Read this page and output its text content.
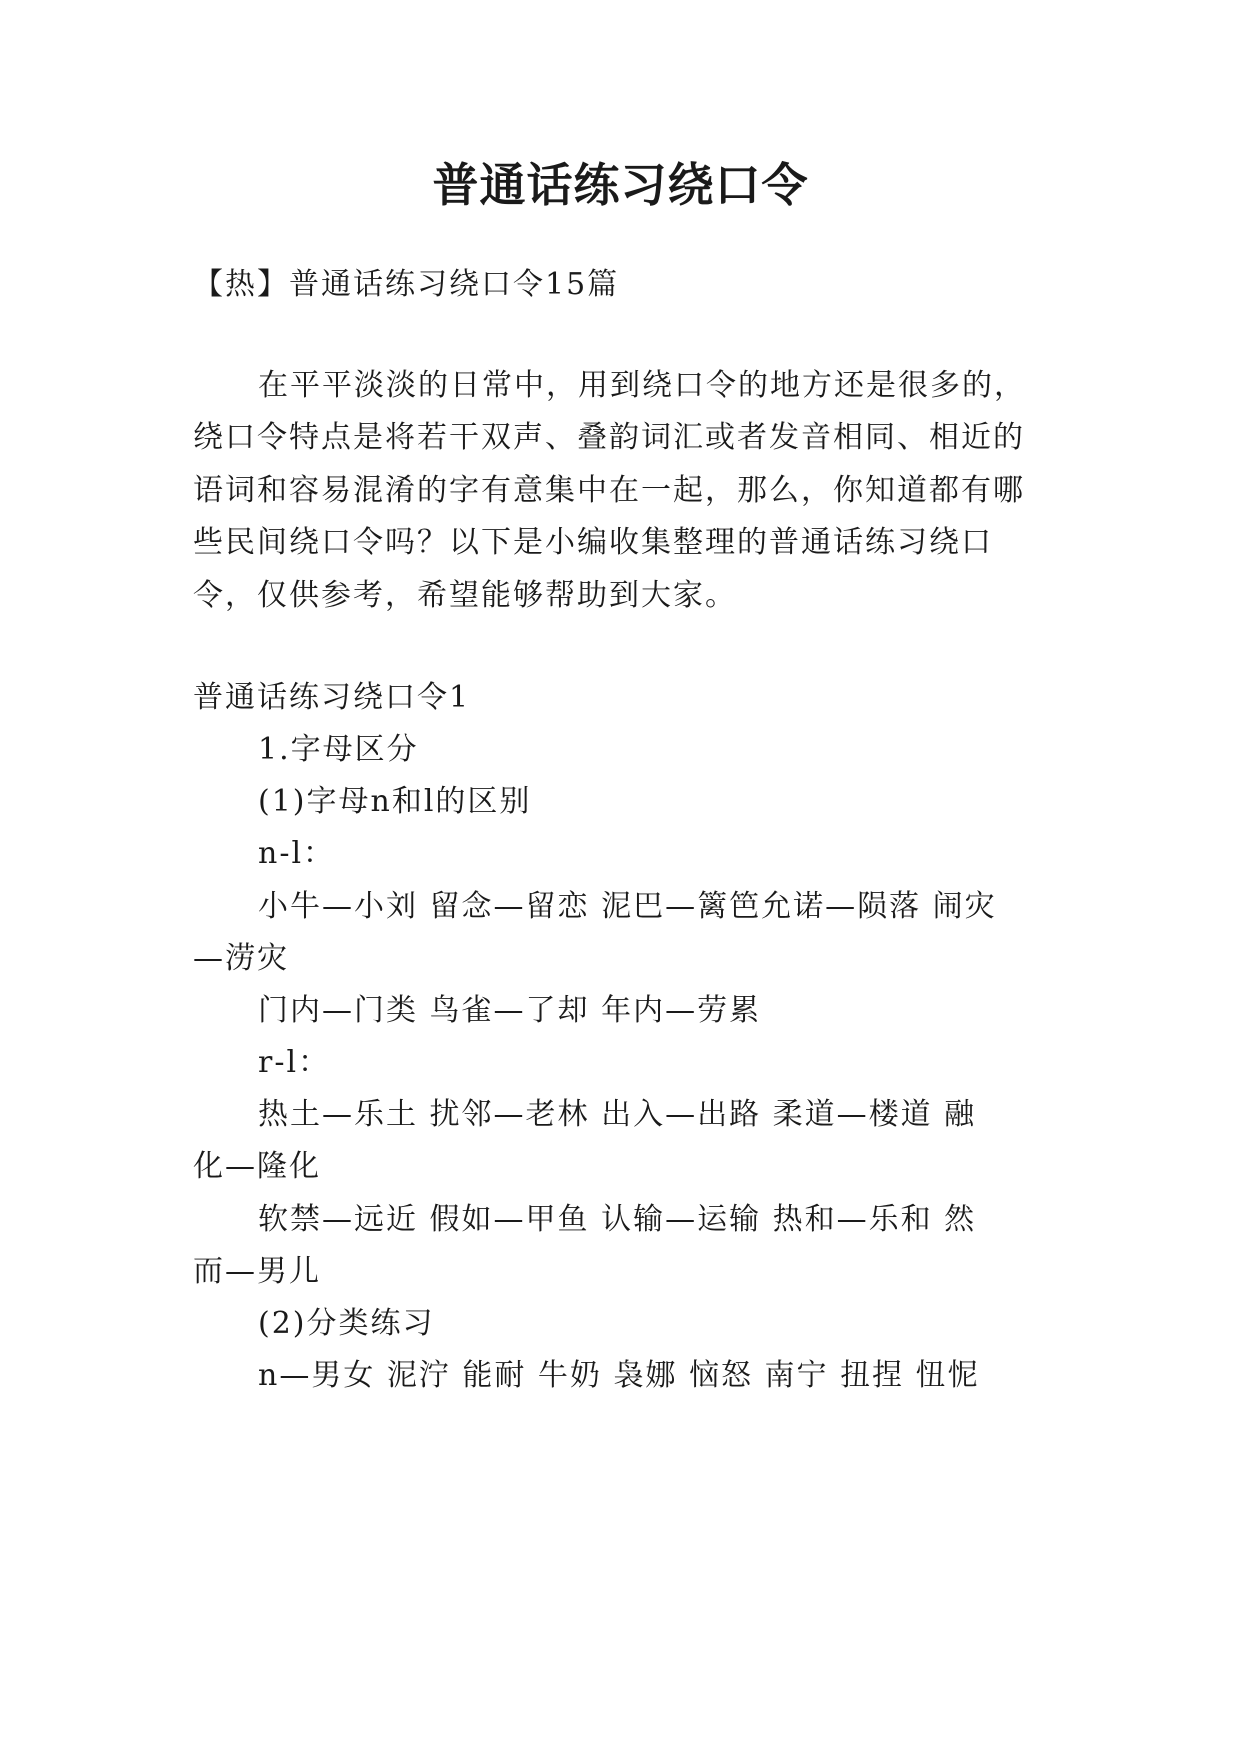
普通话练习绕口令
【热】普通话练习绕口令15篇
在平平淡淡的日常中，用到绕口令的地方还是很多的，
绕口令特点是将若干双声、叠韵词汇或者发音相同、相近的
语词和容易混淆的字有意集中在一起，那么，你知道都有哪
些民间绕口令吗？以下是小编收集整理的普通话练习绕口
令，仅供参考，希望能够帮助到大家。
普通话练习绕口令1
1.字母区分
(1)字母n和l的区别
n-l：
小牛—小刘 留念—留恋 泥巴—篱笆允诺—陨落 闹灾
—涝灾
门内—门类 鸟雀—了却 年内—劳累
r-l：
热土—乐土 扰邻—老林 出入—出路 柔道—楼道 融
化—隆化
软禁—远近 假如—甲鱼 认输—运输 热和—乐和 然
而—男儿
(2)分类练习
n—男女 泥泞 能耐 牛奶 袅娜 恼怒 南宁 扭捏 忸怩
